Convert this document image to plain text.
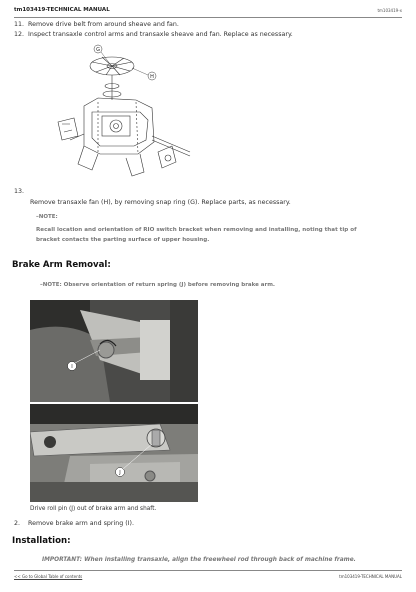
tm103419-TECHNICAL MANUAL	tm103419-x
11. Remove drive belt from around sheave and fan.
12. Inspect transaxle control arms and transaxle sheave and fan. Replace as necessary.
G
H
13.
Remove transaxle fan (H), by removing snap ring (G). Replace parts, as necessary.
–NOTE:
Recall location and orientation of RIO switch bracket when removing and installing, noting that tip of
bracket contacts the parting surface of upper housing.
Brake Arm Removal:
–NOTE: Observe orientation of return spring (J) before removing brake arm.
I
J
Drive roll pin (J) out of brake arm and shaft.
2. Remove brake arm and spring (I).
Installation:
IMPORTANT: When installing transaxle, align the freewheel rod through back of machine frame.
<< Go to Global Table of contents	tm103419-TECHNICAL MANUAL
